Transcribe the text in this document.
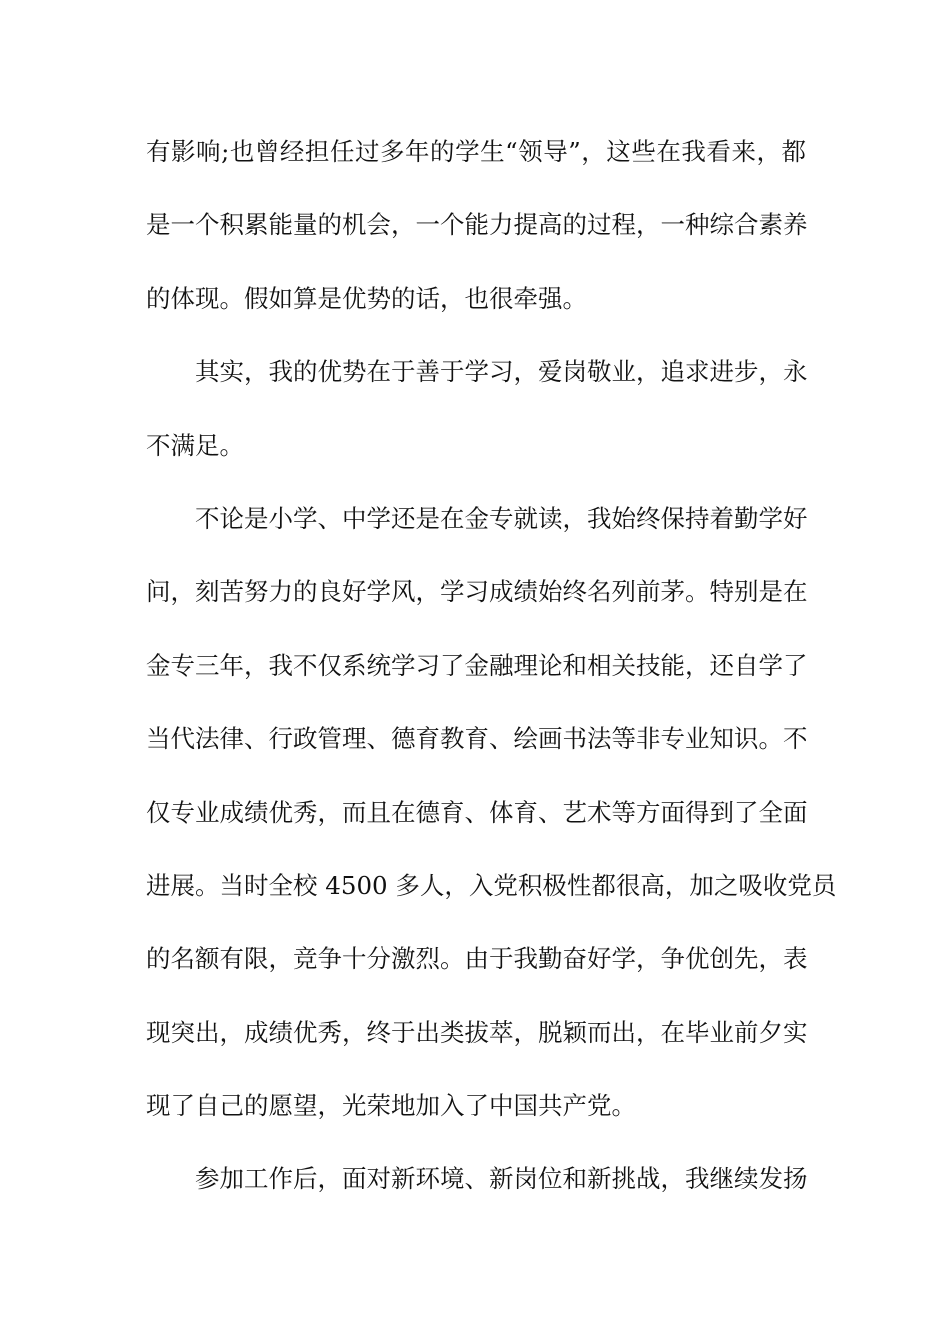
有影响;也曾经担任过多年的学生“领导”，这些在我看来，都
是一个积累能量的机会，一个能力提高的过程，一种综合素养
的体现。假如算是优势的话，也很牵强。
其实，我的优势在于善于学习，爱岗敬业，追求进步，永
不满足。
不论是小学、中学还是在金专就读，我始终保持着勤学好
问，刻苦努力的良好学风，学习成绩始终名列前茅。特别是在
金专三年，我不仅系统学习了金融理论和相关技能，还自学了
当代法律、行政管理、德育教育、绘画书法等非专业知识。不
仅专业成绩优秀，而且在德育、体育、艺术等方面得到了全面
进展。当时全校 4500 多人，入党积极性都很高，加之吸收党员
的名额有限，竞争十分激烈。由于我勤奋好学，争优创先，表
现突出，成绩优秀，终于出类拔萃，脱颖而出，在毕业前夕实
现了自己的愿望，光荣地加入了中国共产党。
参加工作后，面对新环境、新岗位和新挑战，我继续发扬
